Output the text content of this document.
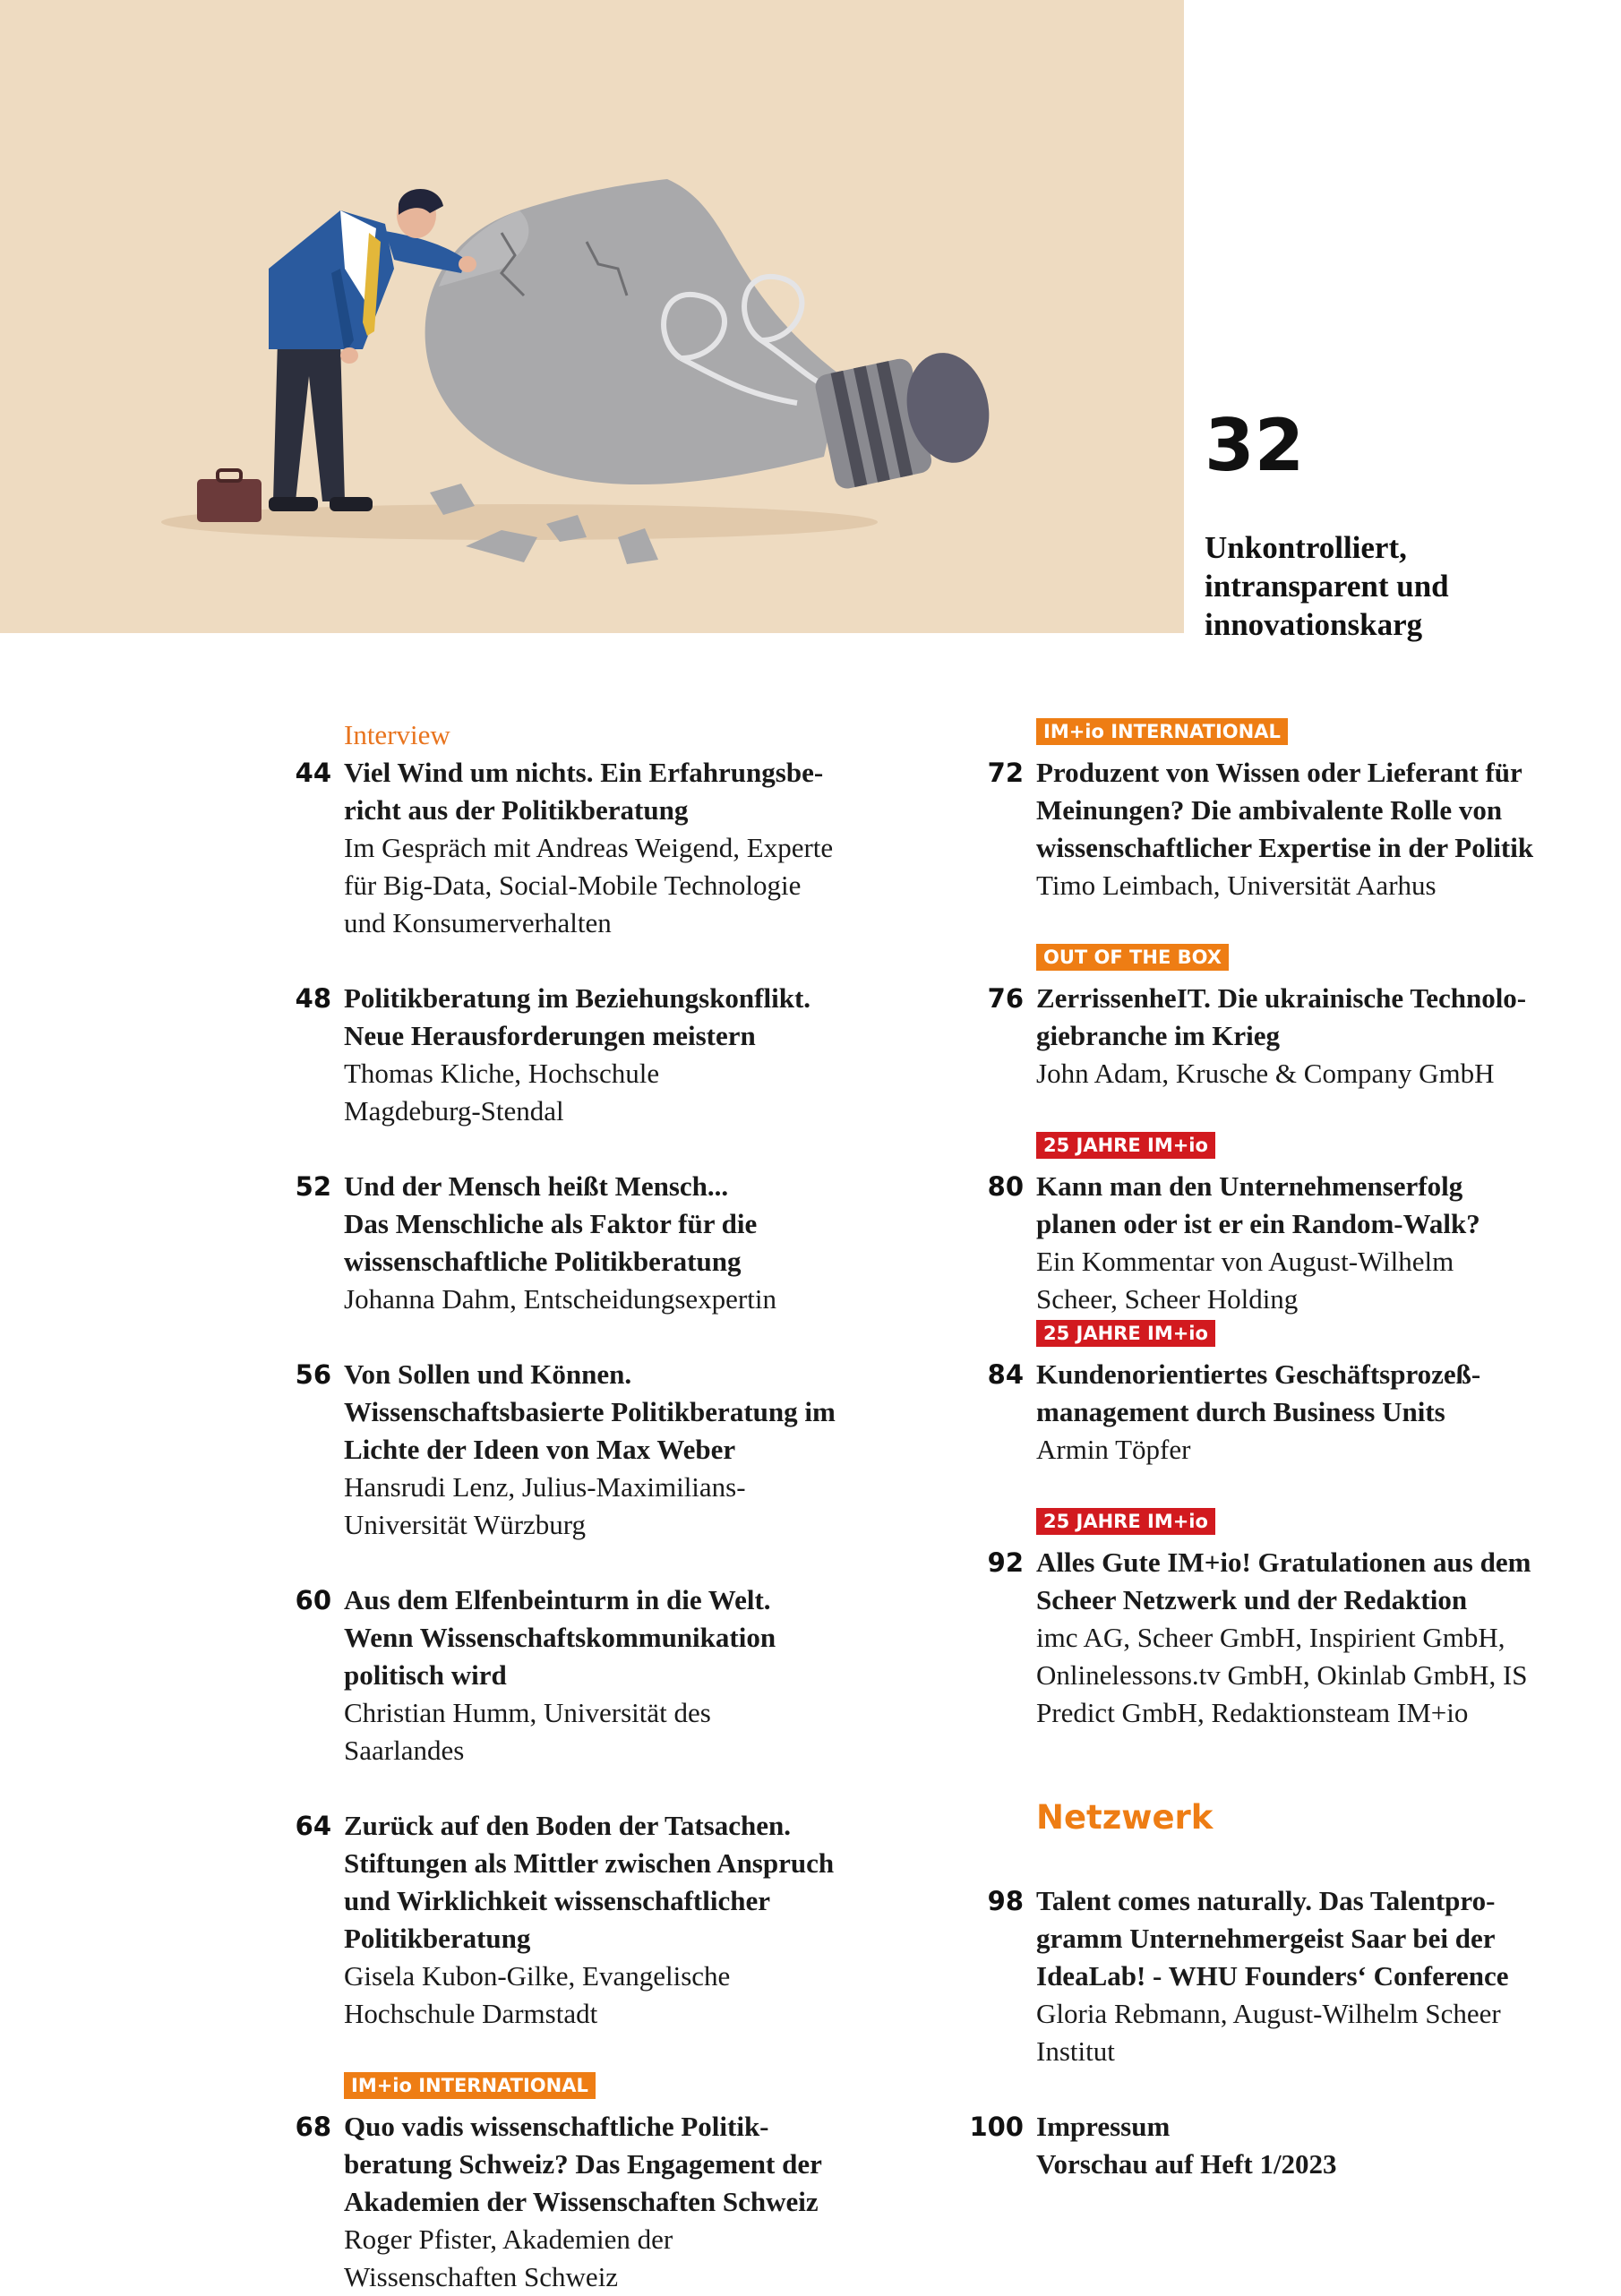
32
Unkontrolliert,
intransparent und
innovationskarg
Interview
44 Viel Wind um nichts. Ein Erfahrungsbe-
richt aus der Politikberatung
Im Gespräch mit Andreas Weigend, Experte
für Big-Data, Social-Mobile Technologie
und Konsumerverhalten
48 Politikberatung im Beziehungskonflikt.
Neue Herausforderungen meistern
Thomas Kliche, Hochschule
Magdeburg-Stendal
52 Und der Mensch heißt Mensch...
Das Menschliche als Faktor für die
wissenschaftliche Politikberatung
Johanna Dahm, Entscheidungsexpertin
56 Von Sollen und Können.
Wissenschaftsbasierte Politikberatung im
Lichte der Ideen von Max Weber
Hansrudi Lenz, Julius-Maximilians-
Universität Würzburg
60 Aus dem Elfenbeinturm in die Welt.
Wenn Wissenschaftskommunikation
politisch wird
Christian Humm, Universität des
Saarlandes
64 Zurück auf den Boden der Tatsachen.
Stiftungen als Mittler zwischen Anspruch
und Wirklichkeit wissenschaftlicher
Politikberatung
Gisela Kubon-Gilke, Evangelische
Hochschule Darmstadt
IM+io INTERNATIONAL
68 Quo vadis wissenschaftliche Politik-
beratung Schweiz? Das Engagement der
Akademien der Wissenschaften Schweiz
Roger Pfister, Akademien der
Wissenschaften Schweiz
IM+io INTERNATIONAL
72 Produzent von Wissen oder Lieferant für
Meinungen? Die ambivalente Rolle von
wissenschaftlicher Expertise in der Politik
Timo Leimbach, Universität Aarhus
OUT OF THE BOX
76 ZerrissenheIT. Die ukrainische Technolo-
giebranche im Krieg
John Adam, Krusche & Company GmbH
25 JAHRE IM+io
80 Kann man den Unternehmenserfolg
planen oder ist er ein Random-Walk?
Ein Kommentar von August-Wilhelm
Scheer, Scheer Holding
25 JAHRE IM+io
84 Kundenorientiertes Geschäftsprozeß-
management durch Business Units
Armin Töpfer
25 JAHRE IM+io
92 Alles Gute IM+io! Gratulationen aus dem
Scheer Netzwerk und der Redaktion
imc AG, Scheer GmbH, Inspirient GmbH,
Onlinelessons.tv GmbH, Okinlab GmbH, IS
Predict GmbH, Redaktionsteam IM+io
Netzwerk
98 Talent comes naturally. Das Talentpro-
gramm Unternehmergeist Saar bei der
IdeaLab! - WHU Founders‘ Conference
Gloria Rebmann, August-Wilhelm Scheer
Institut
100 Impressum
Vorschau auf Heft 1/2023
